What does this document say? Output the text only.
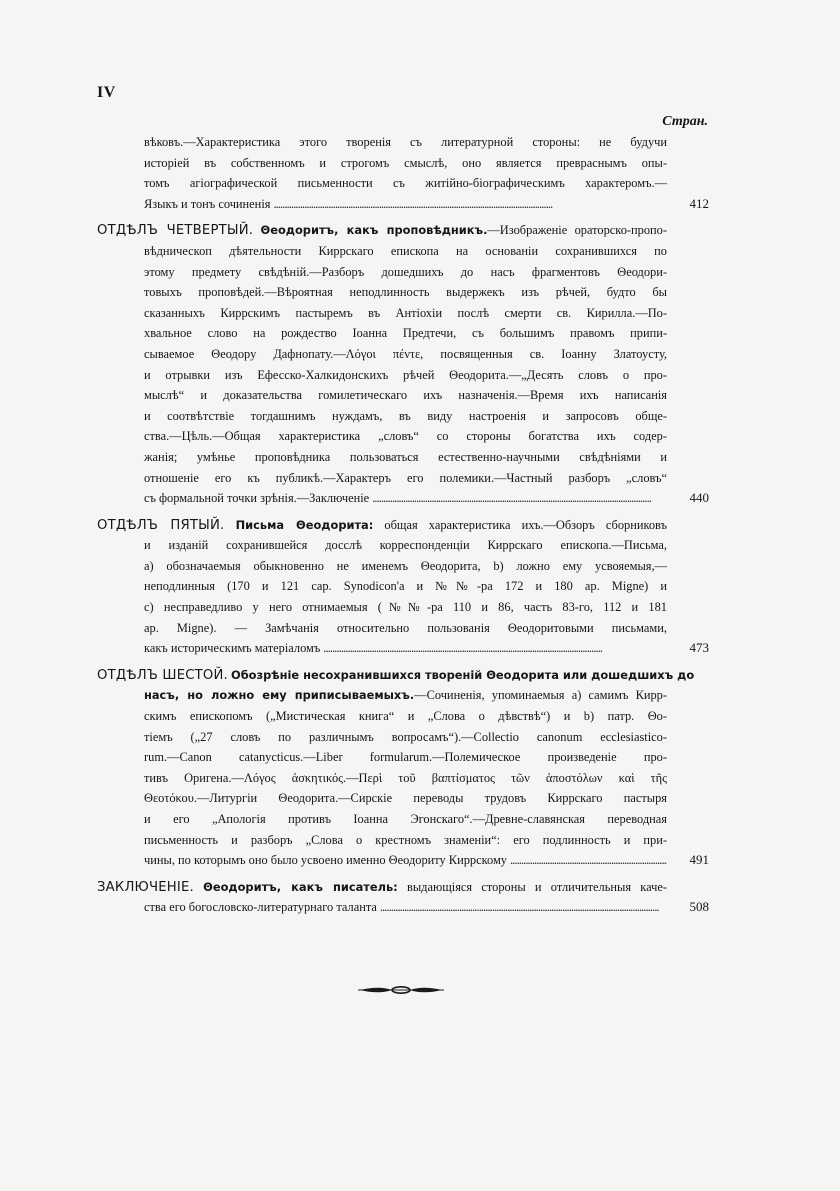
IV
Стран.
вѣковъ.—Характеристика этого творенія съ литературной стороны: не будучи
исторіей въ собственномъ и строгомъ смыслѣ, оно является превраснымъ опы-
томъ агіографической письменности съ житійно-біографическимъ характеромъ.—
Языкъ и тонъ сочиненія . . .	412
ОТДѢЛЪ ЧЕТВЕРТЫЙ. Θеодоритъ, какъ проповѣдникъ.—Изображеніе ораторско-пропо-
вѣдническоп дѣятельности Киррскаго епископа на основаніи сохранившихся по
этому предмету свѣдѣній.—Разборъ дошедшихъ до насъ фрагментовъ Θеодори-
товыхъ проповѣдей.—Вѣроятная неподлинность выдержекъ изъ рѣчей, будто бы
сказанныхъ Киррскимъ пастыремъ въ Антіохіи послѣ смерти св. Кирилла.—По-
хвальное слово на рождество Іоанна Предтечи, съ большимъ правомъ припи-
сываемое Θеодору Дафнопату.—Λόγοι πέντε, посвященныя св. Іоанну Златоусту,
и отрывки изъ Ефесско-Халкидонскихъ рѣчей Θеодорита.—„Десять словъ о про-
мыслѣ“ и доказательства гомилетическаго ихъ назначенія.—Время ихъ написанія
и соотвѣтствіе тогдашнимъ нуждамъ, въ виду настроенія и запросовъ обще-
ства.—Цѣль.—Общая характеристика „словъ“ со стороны богатства ихъ содер-
жанія; умѣнье проповѣдника пользоваться естественно-научными свѣдѣніями и
отношеніе его къ публикѣ.—Характеръ его полемики.—Частный разборъ „словъ“
съ формальной точки зрѣнія.—Заключеніе . . .	440
ОТДѢЛЪ ПЯТЫЙ. Письма Θеодорита: общая характеристика ихъ.—Обзоръ сборниковъ
и изданій сохранившейся досслѣ корреспонденціи Киррскаго епископа.—Письма,
a) обозначаемыя обыкновенно не именемъ Θеодорита, b) ложно ему усвояемыя,—
неподлинныя (170 и 121 cap. Synodicon'a и №№-ра 172 и 180 ар. Migne) и
c) несправедливо у него отнимаемыя (№№-ра 110 и 86, часть 83-го, 112 и 181
ар. Migne). — Замѣчанія относительно пользованія Θеодоритовыми письмами,
какъ историческимъ матеріаломъ . . .	473
ОТДѢЛЪ ШЕСТОЙ. Обозрѣніе несохранившихся твореній Θеодорита или дошедшихъ до
насъ, но ложно ему приписываемыхъ.—Сочиненія, упоминаемыя a) самимъ Кирр-
скимъ епископомъ („Мистическая книга“ и „Слова о дѣвствѣ“) и b) патр. Θо-
тіемъ („27 словъ по различнымъ вопросамъ“).—Collectio canonum ecclesiastico-
rum.—Canon catanycticus.—Liber formularum.—Полемическое произведеніе про-
тивъ Оригена.—Λόγος ἀσκητικός.—Περὶ τοῦ βαπτίσματος τῶν ἀποστόλων καὶ τῆς
Θεοτόκου.—Литургіи Θеодорита.—Сирскіе переводы трудовъ Киррскаго пастыря
и его „Апологія противъ Іоанна Эгонскаго“.—Древне-славянская переводная
письменность и разборъ „Слова о крестномъ знаменіи“: его подлинность и при-
чины, по которымъ оно было усвоено именно Θеодориту Киррскому . . .	491
ЗАКЛЮЧЕНІЕ. Θеодоритъ, какъ писатель: выдающіяся стороны и отличительныя каче-
ства его богословско-литературнаго таланта . . .	508
